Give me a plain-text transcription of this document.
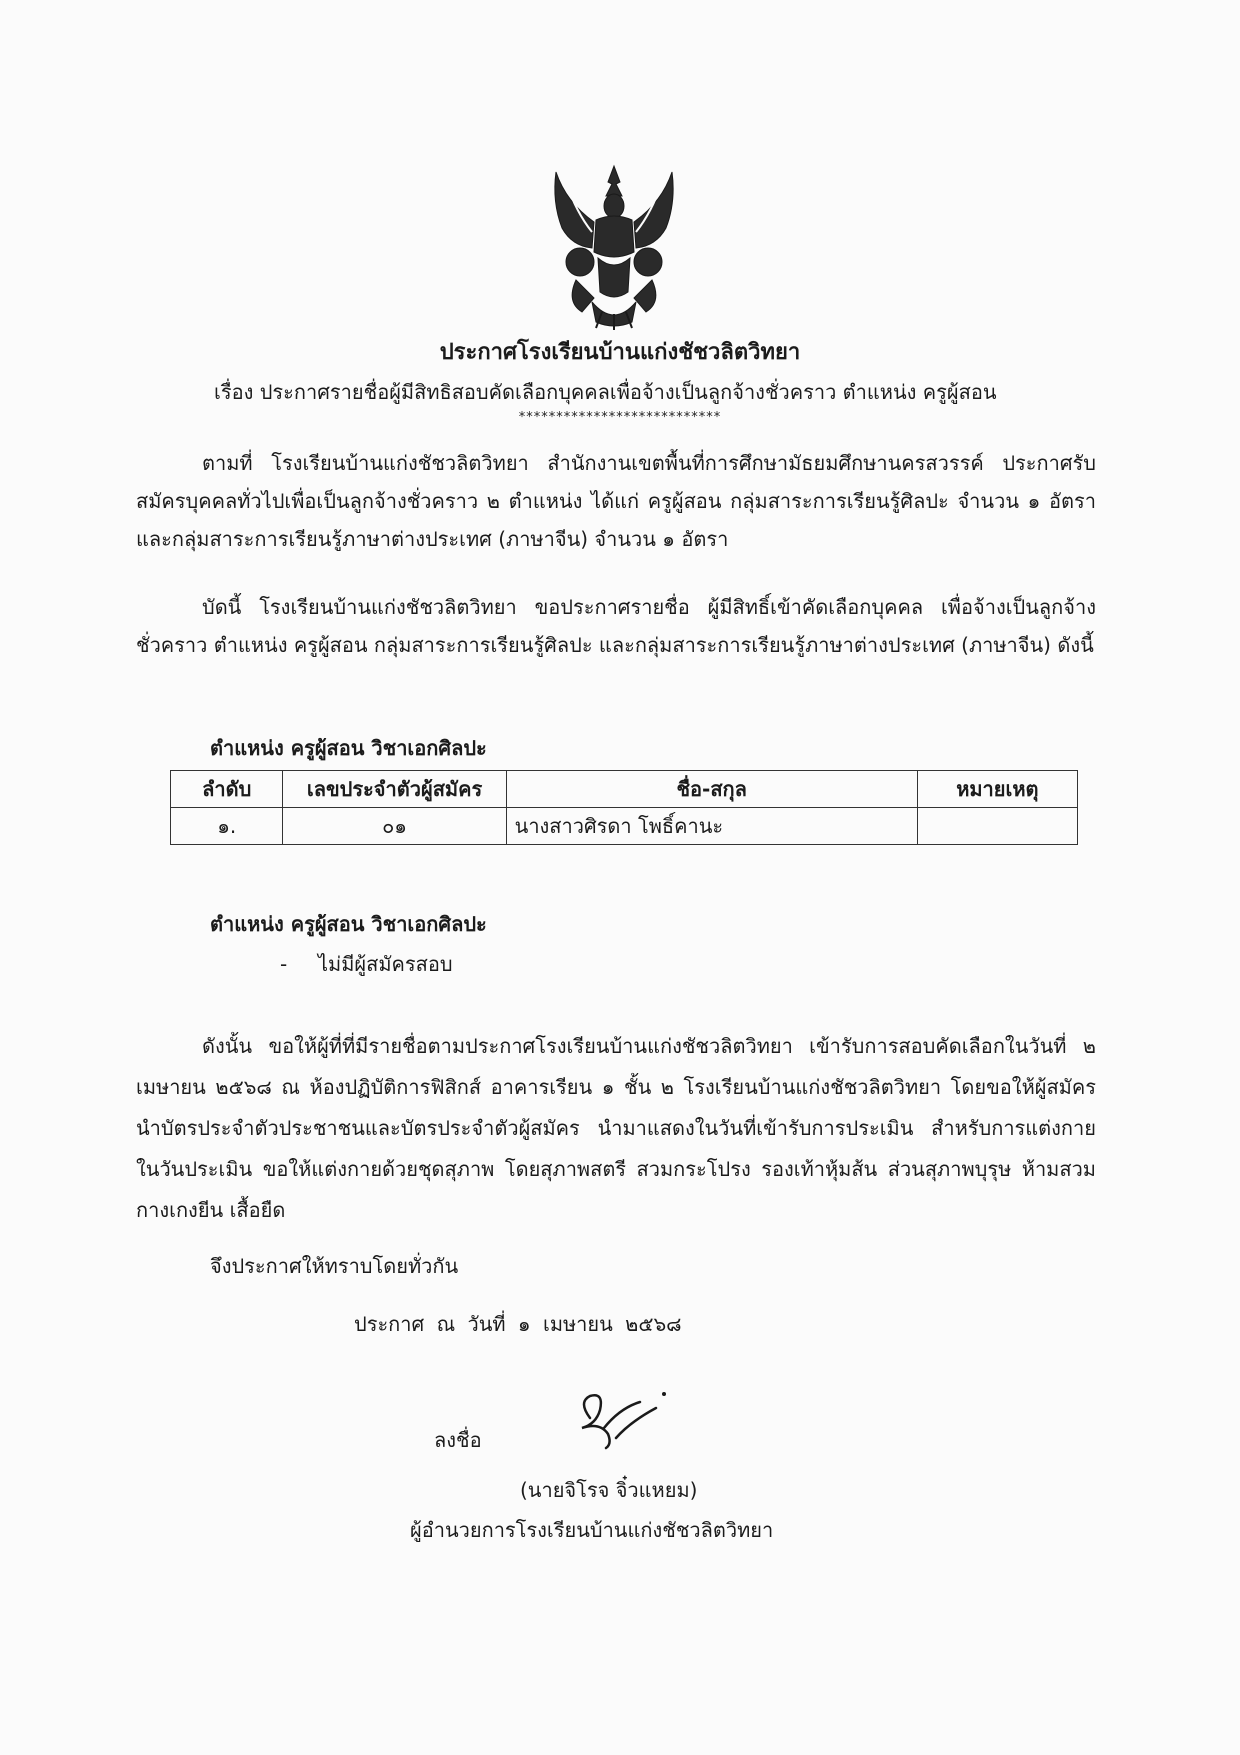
ประกาศโรงเรียนบ้านแก่งชัชวลิตวิทยา
เรื่อง ประกาศรายชื่อผู้มีสิทธิสอบคัดเลือกบุคคลเพื่อจ้างเป็นลูกจ้างชั่วคราว ตำแหน่ง ครูผู้สอน
***************************
ตามที่ โรงเรียนบ้านแก่งชัชวลิตวิทยา สำนักงานเขตพื้นที่การศึกษามัธยมศึกษานครสวรรค์ ประกาศรับสมัครบุคคลทั่วไปเพื่อเป็นลูกจ้างชั่วคราว ๒ ตำแหน่ง ได้แก่ ครูผู้สอน กลุ่มสาระการเรียนรู้ศิลปะ จำนวน ๑ อัตรา และกลุ่มสาระการเรียนรู้ภาษาต่างประเทศ (ภาษาจีน) จำนวน ๑ อัตรา
บัดนี้ โรงเรียนบ้านแก่งชัชวลิตวิทยา ขอประกาศรายชื่อ ผู้มีสิทธิ์เข้าคัดเลือกบุคคล เพื่อจ้างเป็นลูกจ้างชั่วคราว ตำแหน่ง ครูผู้สอน กลุ่มสาระการเรียนรู้ศิลปะ และกลุ่มสาระการเรียนรู้ภาษาต่างประเทศ (ภาษาจีน) ดังนี้
ตำแหน่ง ครูผู้สอน วิชาเอกศิลปะ
ลำดับ	เลขประจำตัวผู้สมัคร	ชื่อ-สกุล	หมายเหตุ
๑.	๐๑	นางสาวศิรดา โพธิ์คานะ	
ตำแหน่ง ครูผู้สอน วิชาเอกศิลปะ
- ไม่มีผู้สมัครสอบ
ดังนั้น ขอให้ผู้ที่ที่มีรายชื่อตามประกาศโรงเรียนบ้านแก่งชัชวลิตวิทยา เข้ารับการสอบคัดเลือกในวันที่ ๒ เมษายน ๒๕๖๘ ณ ห้องปฏิบัติการฟิสิกส์ อาคารเรียน ๑ ชั้น ๒ โรงเรียนบ้านแก่งชัชวลิตวิทยา โดยขอให้ผู้สมัคร นำบัตรประจำตัวประชาชนและบัตรประจำตัวผู้สมัคร นำมาแสดงในวันที่เข้ารับการประเมิน สำหรับการแต่งกาย ในวันประเมิน ขอให้แต่งกายด้วยชุดสุภาพ โดยสุภาพสตรี สวมกระโปรง รองเท้าหุ้มส้น ส่วนสุภาพบุรุษ ห้ามสวม กางเกงยีน เสื้อยืด
จึงประกาศให้ทราบโดยทั่วกัน
ประกาศ ณ วันที่ ๑ เมษายน ๒๕๖๘
ลงชื่อ
(นายจิโรจ จิ๋วแหยม)
ผู้อำนวยการโรงเรียนบ้านแก่งชัชวลิตวิทยา
